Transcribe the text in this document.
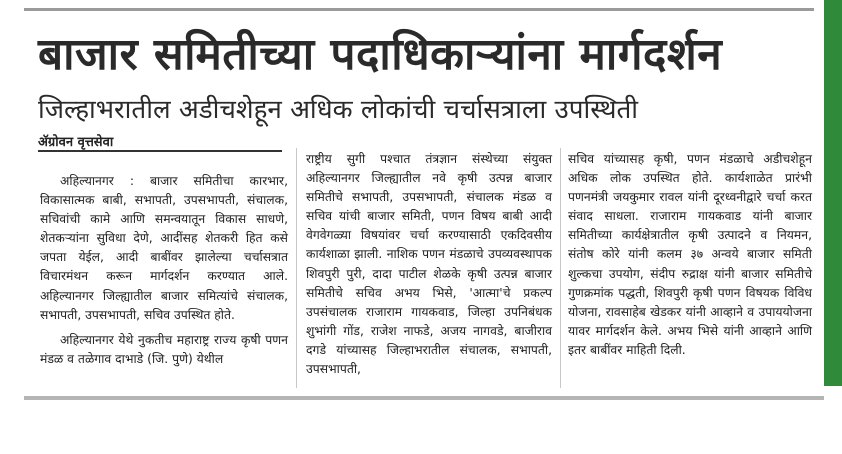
बाजार समितीच्या पदाधिकाऱ्यांना मार्गदर्शन
जिल्हाभरातील अडीचशेहून अधिक लोकांची चर्चासत्राला उपस्थिती
ॲग्रोवन वृत्तसेवा

अहिल्यानगर : बाजार समितीचा कारभार, विकासात्मक बाबी, सभापती, उपसभापती, संचालक, सचिवांची कामे आणि समन्वयातून विकास साधणे, शेतकऱ्यांना सुविधा देणे, आदींसह शेतकरी हित कसे जपता येईल, आदी बाबींवर झालेल्या चर्चासत्रात विचारमंथन करून मार्गदर्शन करण्यात आले. अहिल्यानगर जिल्ह्यातील बाजार समित्यांचे संचालक, सभापती, उपसभापती, सचिव उपस्थित होते.

अहिल्यानगर येथे नुकतीच महाराष्ट्र राज्य कृषी पणन मंडळ व तळेगाव दाभाडे (जि. पुणे) येथील

राष्ट्रीय सुगी पश्चात तंत्रज्ञान संस्थेच्या संयुक्त अहिल्यानगर जिल्ह्यातील नवे कृषी उत्पन्न बाजार समितीचे सभापती, उपसभापती, संचालक मंडळ व सचिव यांची बाजार समिती, पणन विषय बाबी आदी वेगवेगळ्या विषयांवर चर्चा करण्यासाठी एकदिवसीय कार्यशाळा झाली. नाशिक पणन मंडळाचे उपव्यवस्थापक शिवपुरी पुरी, दादा पाटील शेळके कृषी उत्पन्न बाजार समितीचे सचिव अभय भिसे, 'आत्मा'चे प्रकल्प उपसंचालक राजाराम गायकवाड, जिल्हा उपनिबंधक शुभांगी गोंड, राजेश नाफडे, अजय नागवडे, बाजीराव दगडे यांच्यासह जिल्हाभरातील संचालक, सभापती, उपसभापती,

सचिव यांच्यासह कृषी, पणन मंडळाचे अडीचशेहून अधिक लोक उपस्थित होते. कार्यशाळेत प्रारंभी पणनमंत्री जयकुमार रावल यांनी दूरध्वनीद्वारे चर्चा करत संवाद साधला. राजाराम गायकवाड यांनी बाजार समितीच्या कार्यक्षेत्रातील कृषी उत्पादने व नियमन, संतोष कोरे यांनी कलम ३७ अन्वये बाजार समिती शुल्कचा उपयोग, संदीप रुद्राक्ष यांनी बाजार समितीचे गुणक्रमांक पद्धती, शिवपुरी कृषी पणन विषयक विविध योजना, रावसाहेब खेडकर यांनी आव्हाने व उपाययोजना यावर मार्गदर्शन केले. अभय भिसे यांनी आव्हाने आणि इतर बाबींवर माहिती दिली.
